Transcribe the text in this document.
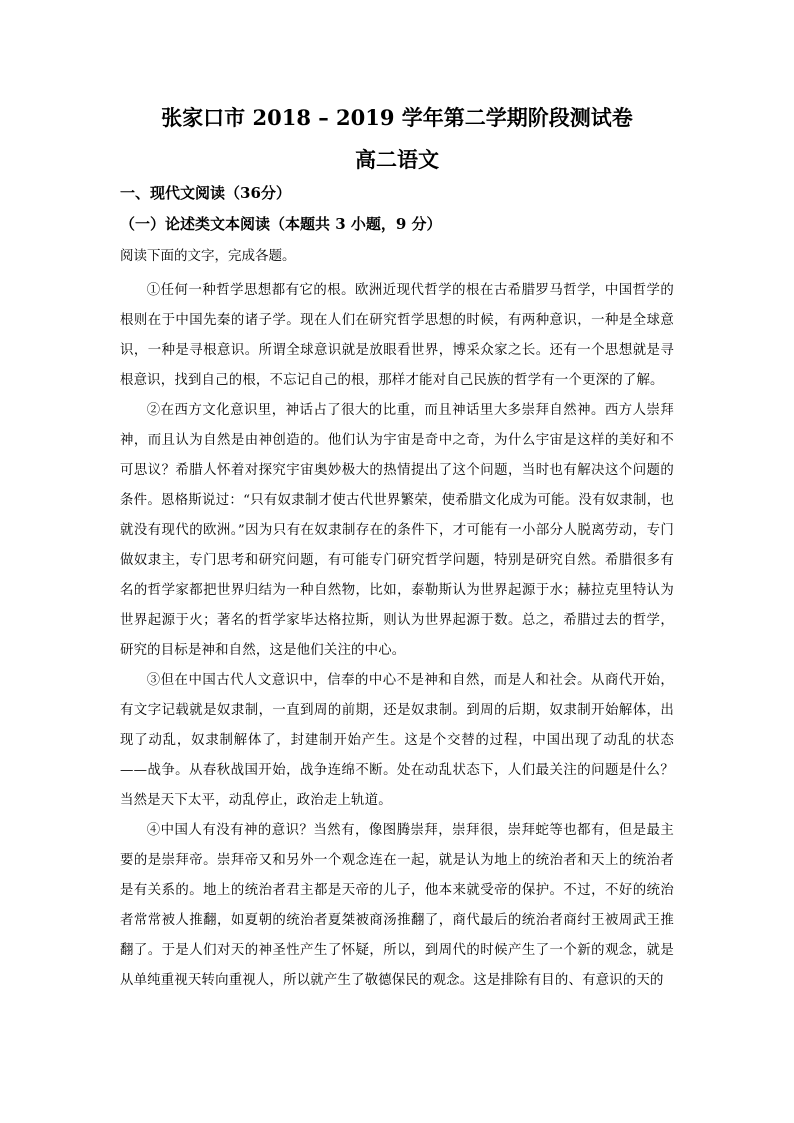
张家口市 2018 – 2019 学年第二学期阶段测试卷
高二语文
一、现代文阅读（36分）
（一）论述类文本阅读（本题共 3 小题，9 分）
阅读下面的文字，完成各题。

①任何一种哲学思想都有它的根。欧洲近现代哲学的根在古希腊罗马哲学，中国哲学的根则在于中国先秦的诸子学。现在人们在研究哲学思想的时候，有两种意识，一种是全球意识，一种是寻根意识。所谓全球意识就是放眼看世界，博采众家之长。还有一个思想就是寻根意识，找到自己的根，不忘记自己的根，那样才能对自己民族的哲学有一个更深的了解。

②在西方文化意识里，神话占了很大的比重，而且神话里大多崇拜自然神。西方人崇拜神，而且认为自然是由神创造的。他们认为宇宙是奇中之奇，为什么宇宙是这样的美好和不可思议？希腊人怀着对探究宇宙奥妙极大的热情提出了这个问题，当时也有解决这个问题的条件。恩格斯说过：“只有奴隶制才使古代世界繁荣，使希腊文化成为可能。没有奴隶制，也就没有现代的欧洲。”因为只有在奴隶制存在的条件下，才可能有一小部分人脱离劳动，专门做奴隶主，专门思考和研究问题，有可能专门研究哲学问题，特别是研究自然。希腊很多有名的哲学家都把世界归结为一种自然物，比如，泰勒斯认为世界起源于水；赫拉克里特认为世界起源于火；著名的哲学家毕达格拉斯，则认为世界起源于数。总之，希腊过去的哲学，研究的目标是神和自然，这是他们关注的中心。

③但在中国古代人文意识中，信奉的中心不是神和自然，而是人和社会。从商代开始，有文字记载就是奴隶制，一直到周的前期，还是奴隶制。到周的后期，奴隶制开始解体，出现了动乱，奴隶制解体了，封建制开始产生。这是个交替的过程，中国出现了动乱的状态——战争。从春秋战国开始，战争连绵不断。处在动乱状态下，人们最关注的问题是什么？当然是天下太平，动乱停止，政治走上轨道。

④中国人有没有神的意识？当然有，像图腾崇拜，崇拜很，崇拜蛇等也都有，但是最主要的是崇拜帝。崇拜帝又和另外一个观念连在一起，就是认为地上的统治者和天上的统治者是有关系的。地上的统治者君主都是天帝的儿子，他本来就受帝的保护。不过，不好的统治者常常被人推翻，如夏朝的统治者夏桀被商汤推翻了，商代最后的统治者商纣王被周武王推翻了。于是人们对天的神圣性产生了怀疑，所以，到周代的时候产生了一个新的观念，就是从单纯重视天转向重视人，所以就产生了敬德保民的观念。这是排除有目的、有意识的天的
